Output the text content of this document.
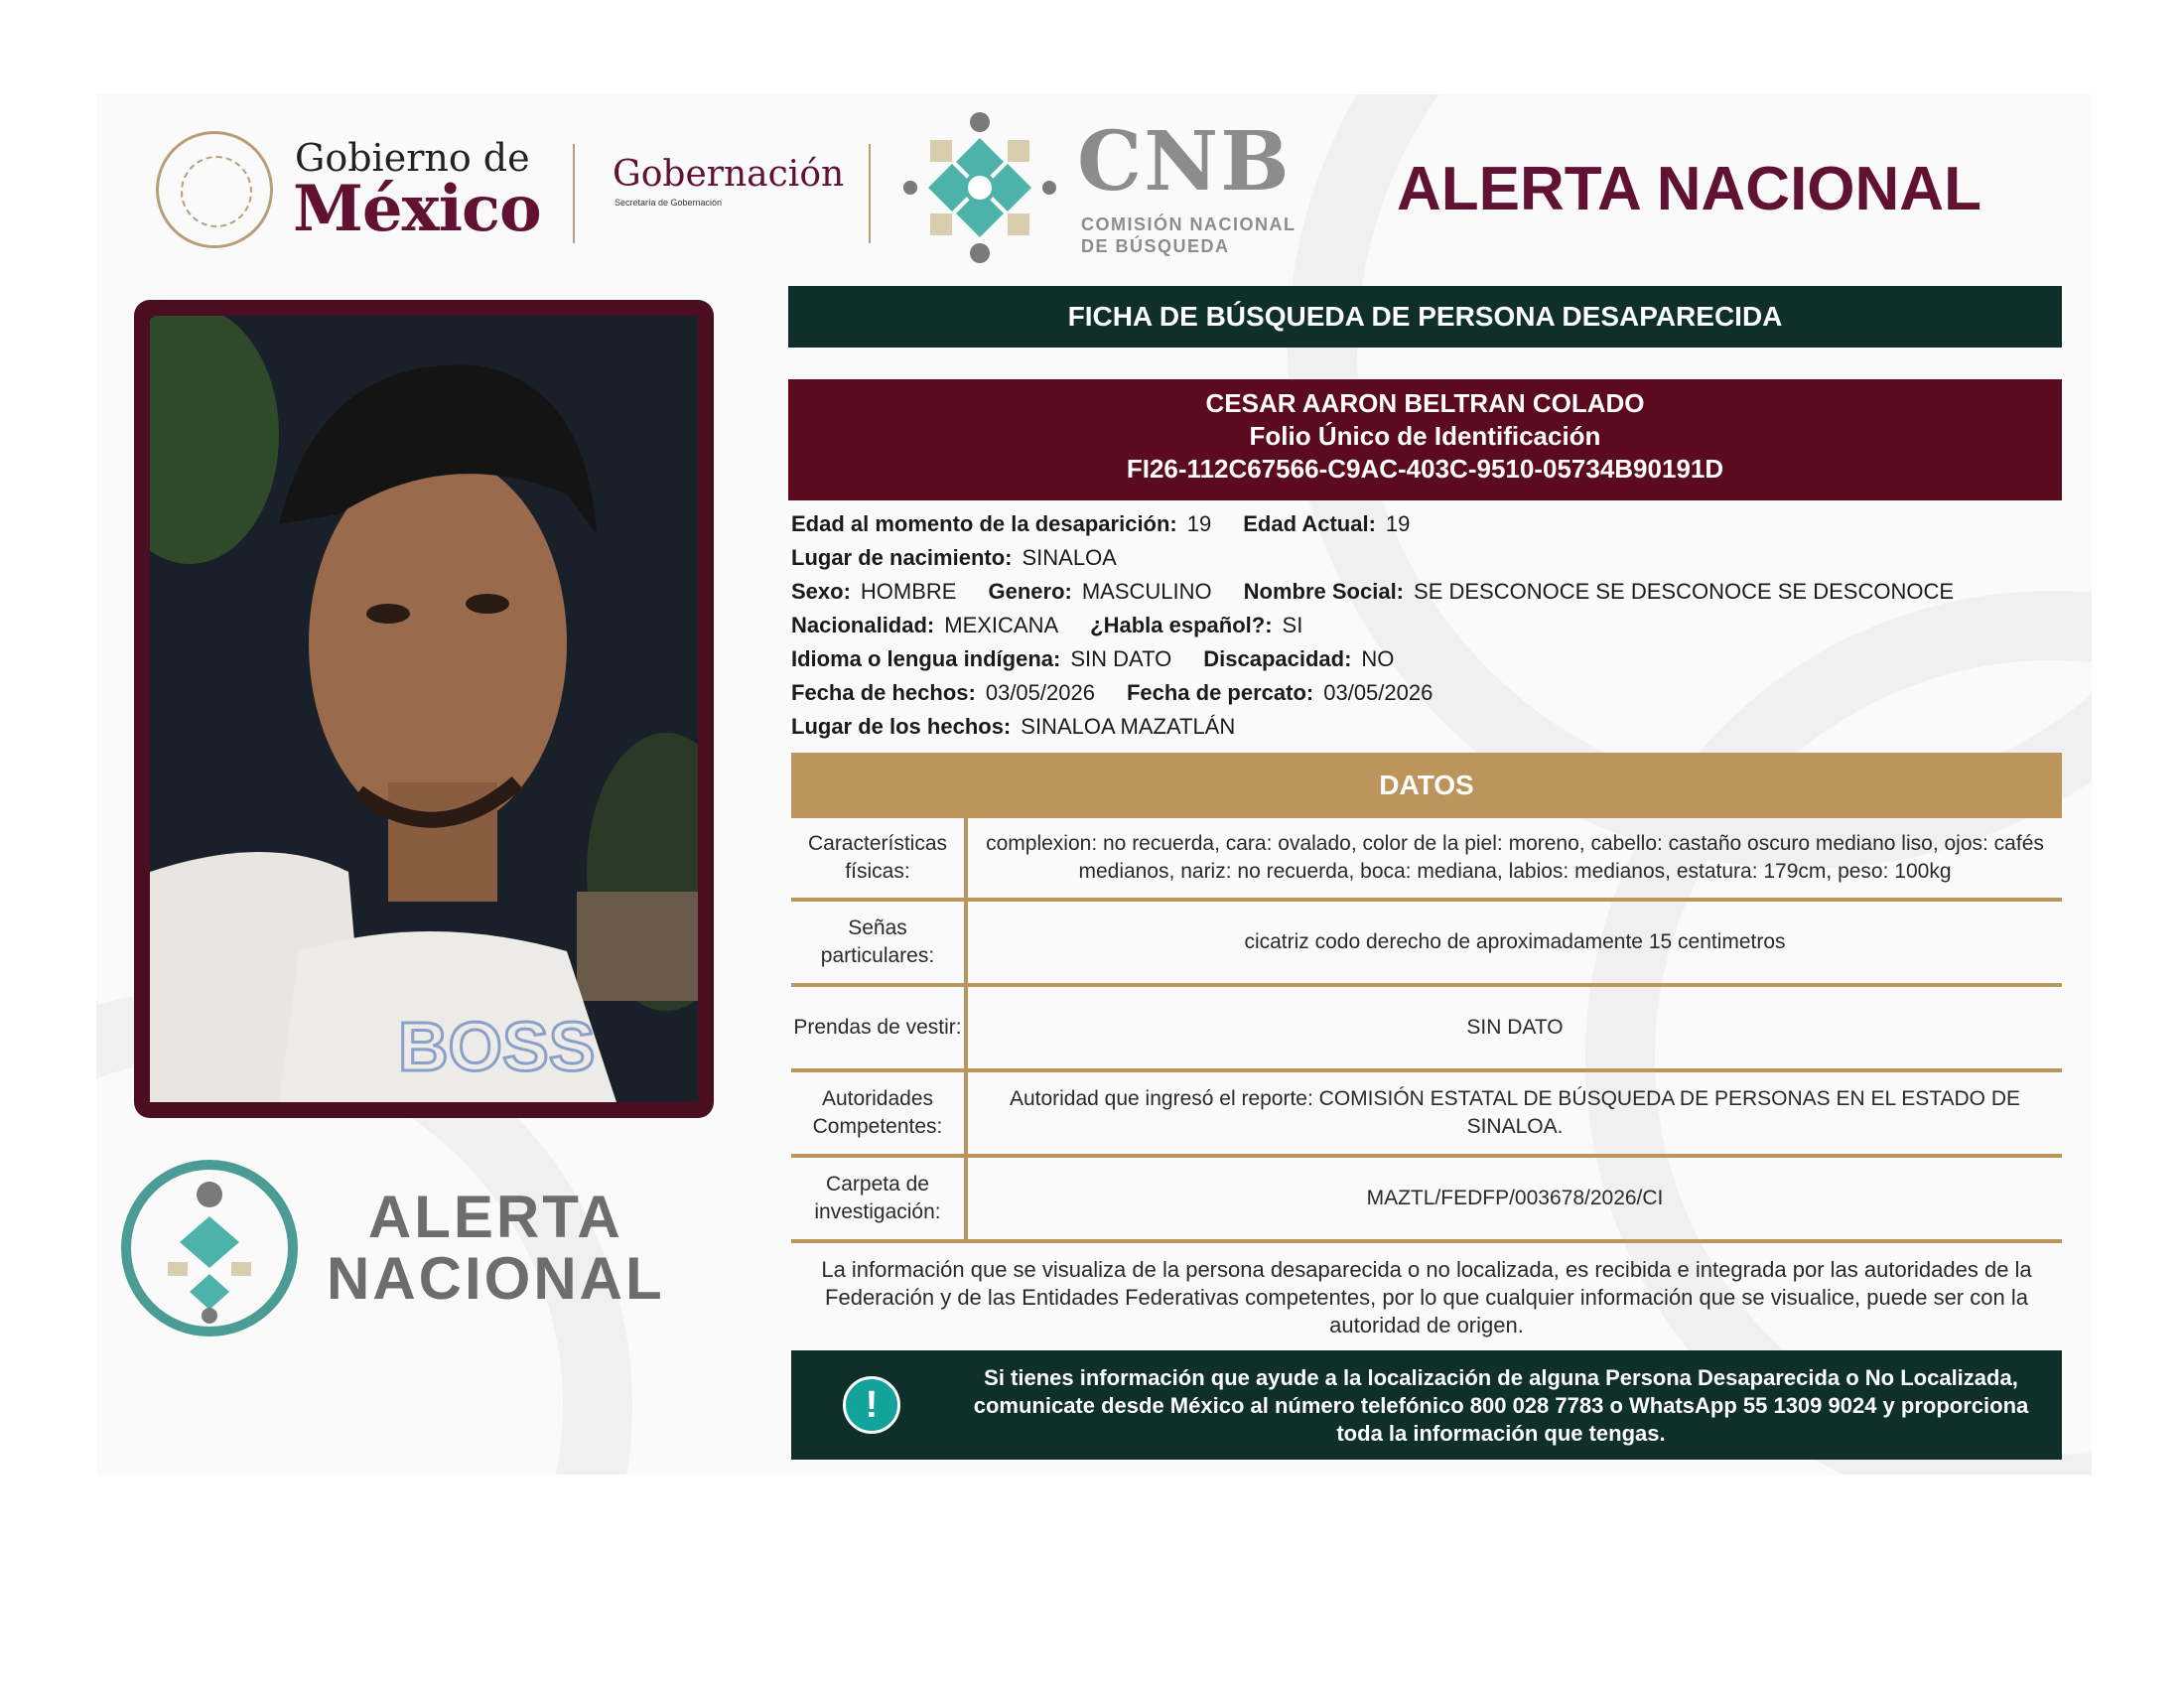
Gobierno de
México Gobernación
Secretaría de Gobernación	CNB
COMISIÓN NACIONAL
DE BÚSQUEDA
ALERTA NACIONAL
BOSS
ALERTA
NACIONAL
FICHA DE BÚSQUEDA DE PERSONA DESAPARECIDA
CESAR AARON BELTRAN COLADO
Folio Único de Identificación
FI26-112C67566-C9AC-403C-9510-05734B90191D
Edad al momento de la desaparición: 19 Edad Actual: 19
Lugar de nacimiento: SINALOA
Sexo: HOMBRE Genero: MASCULINO Nombre Social: SE DESCONOCE SE DESCONOCE SE DESCONOCE
Nacionalidad: MEXICANA ¿Habla español?: SI
Idioma o lengua indígena: SIN DATO Discapacidad: NO
Fecha de hechos: 03/05/2026 Fecha de percato: 03/05/2026
Lugar de los hechos: SINALOA MAZATLÁN
DATOS
Características físicas:
complexion: no recuerda, cara: ovalado, color de la piel: moreno, cabello: castaño oscuro mediano liso, ojos: cafés medianos, nariz: no recuerda, boca: mediana, labios: medianos, estatura: 179cm, peso: 100kg
Señas particulares:
cicatriz codo derecho de aproximadamente 15 centimetros
Prendas de vestir:	SIN DATO
Autoridades Competentes:
Autoridad que ingresó el reporte: COMISIÓN ESTATAL DE BÚSQUEDA DE PERSONAS EN EL ESTADO DE SINALOA.
Carpeta de investigación:
MAZTL/FEDFP/003678/2026/CI
La información que se visualiza de la persona desaparecida o no localizada, es recibida e integrada por las autoridades de la Federación y de las Entidades Federativas competentes, por lo que cualquier información que se visualice, puede ser con la autoridad de origen.
!
Si tienes información que ayude a la localización de alguna Persona Desaparecida o No Localizada, comunicate desde México al número telefónico 800 028 7783 o WhatsApp 55 1309 9024 y proporciona toda la información que tengas.
